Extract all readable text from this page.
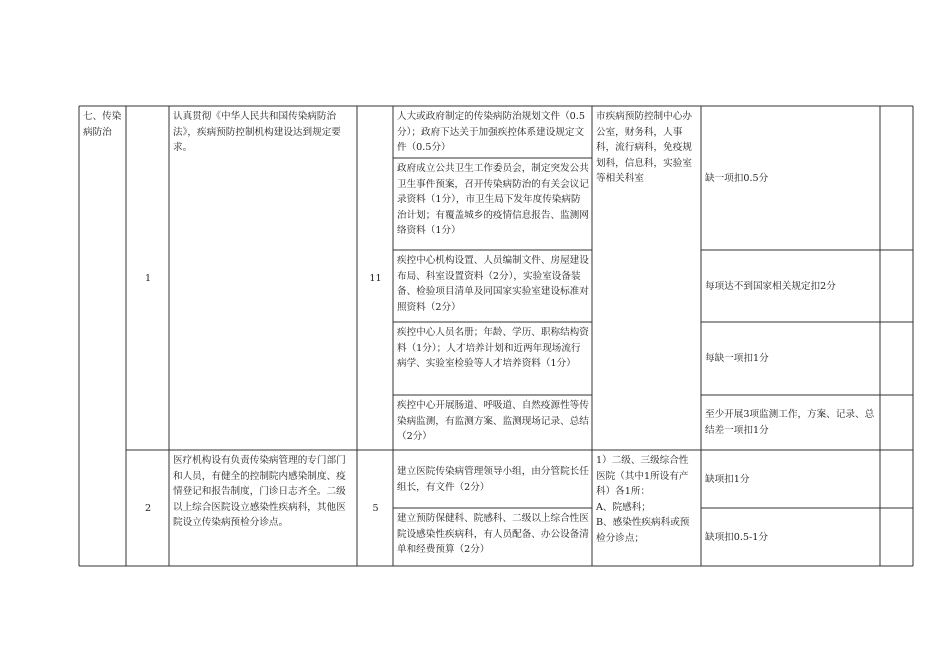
七、传染
病防治
1
认真贯彻《中华人民共和国传染病防治法》，疾病预防控制机构建设达到规定要求。
11
人大或政府制定的传染病防治规划文件（0.5分）；政府下达关于加强疾控体系建设规定文件（0.5分）
政府成立公共卫生工作委员会，制定突发公共卫生事件预案，召开传染病防治的有关会议记录资料（1分），市卫生局下发年度传染病防治计划；有覆盖城乡的疫情信息报告、监测网络资料（1分）
疾控中心机构设置、人员编制文件、房屋建设布局、科室设置资料（2分），实验室设备装备、检验项目清单及同国家实验室建设标准对照资料（2分）
疾控中心人员名册；年龄、学历、职称结构资料（1分）；人才培养计划和近两年现场流行病学、实验室检验等人才培养资料（1分）
疾控中心开展肠道、呼吸道、自然疫源性等传染病监测，有监测方案、监测现场记录、总结（2分）
市疾病预防控制中心办公室，财务科，人事科，流行病科，免疫规划科，信息科，实验室等相关科室	缺一项扣0.5分
每项达不到国家相关规定扣2分
每缺一项扣1分
至少开展3项监测工作，方案、记录、总结差一项扣1分
2
医疗机构设有负责传染病管理的专门部门和人员，有健全的控制院内感染制度、疫情登记和报告制度，门诊日志齐全。二级以上综合医院设立感染性疾病科，其他医院设立传染病预检分诊点。
5
建立医院传染病管理领导小组，由分管院长任组长，有文件（2分）
建立预防保健科、院感科、二级以上综合性医院设感染性疾病科，有人员配备、办公设备清单和经费预算（2分）
1）二级、三级综合性医院（其中1所设有产科）各1所：
A、院感科；
B、感染性疾病科或预检分诊点；
缺项扣1分
缺项扣0.5-1分
